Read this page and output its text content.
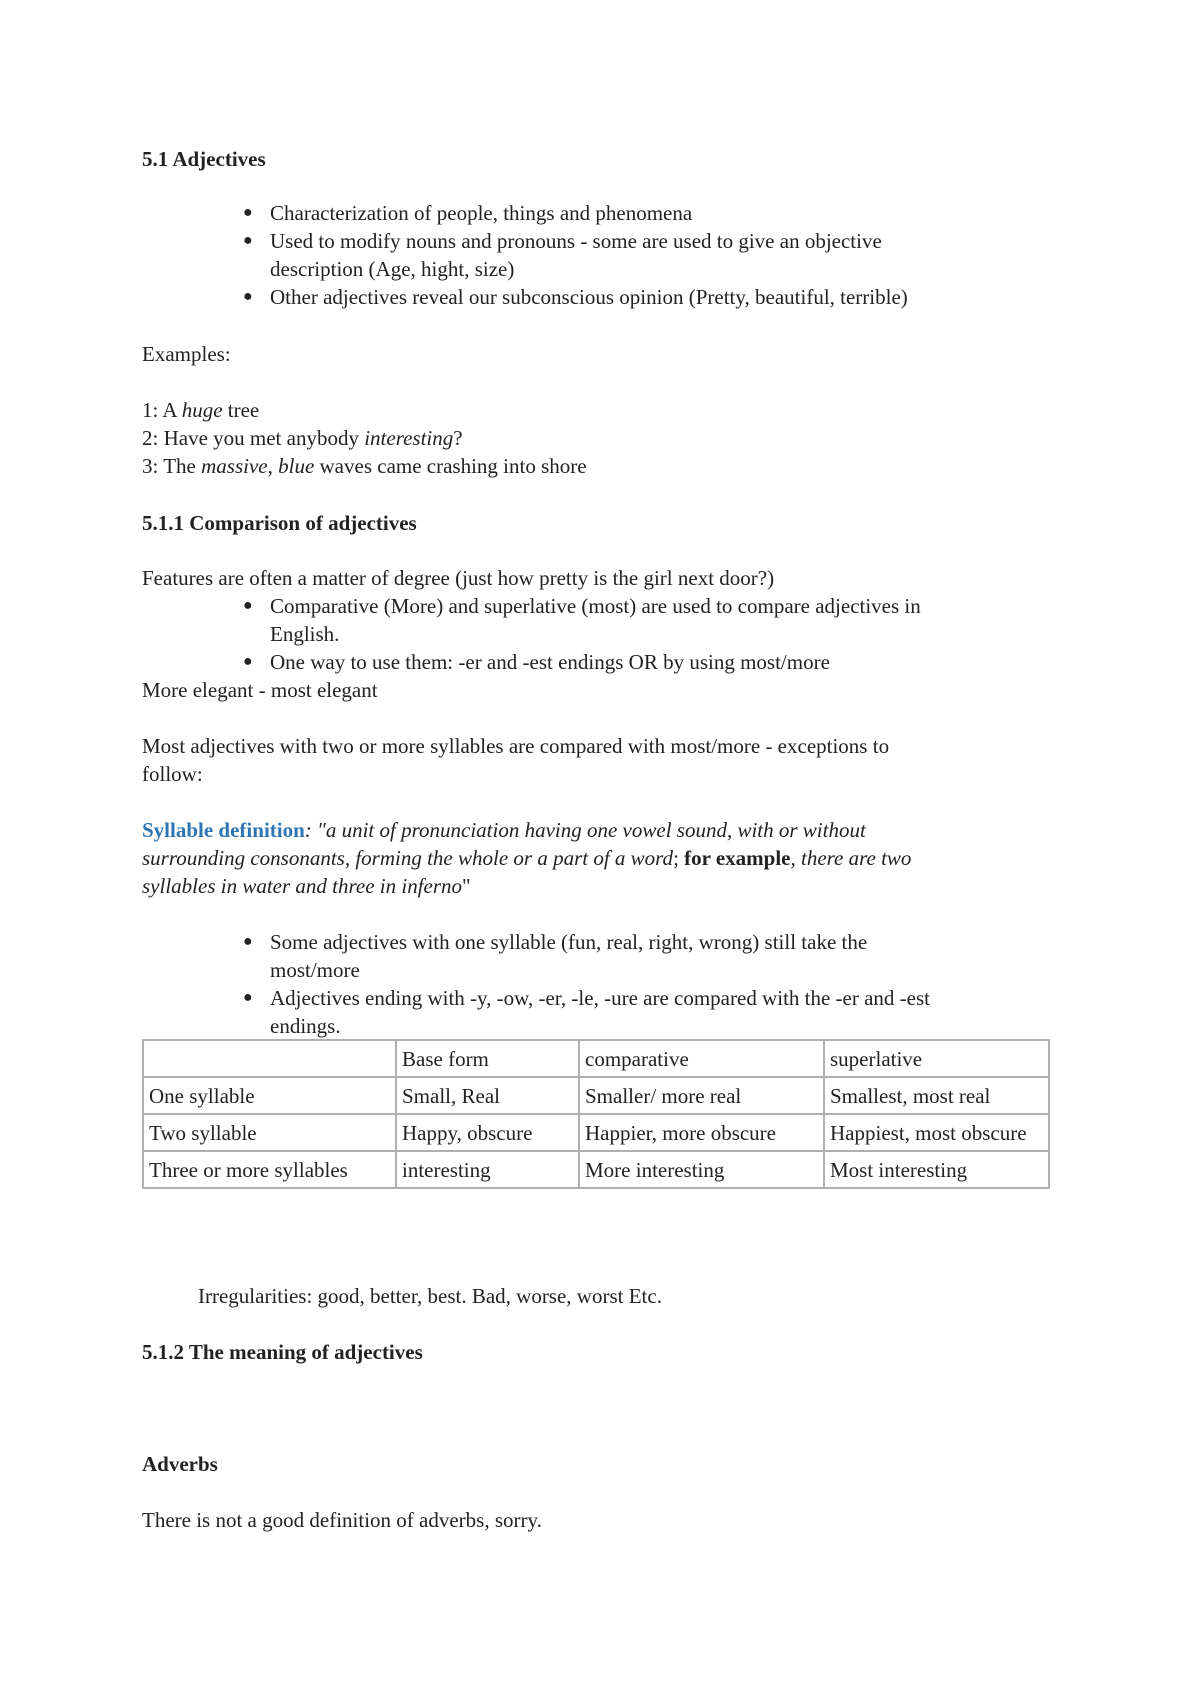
5.1 Adjectives
● Characterization of people, things and phenomena
● Used to modify nouns and pronouns - some are used to give an objective
description (Age, hight, size)
● Other adjectives reveal our subconscious opinion (Pretty, beautiful, terrible)
Examples:
1: A huge tree
2: Have you met anybody interesting?
3: The massive, blue waves came crashing into shore
5.1.1 Comparison of adjectives
Features are often a matter of degree (just how pretty is the girl next door?)
● Comparative (More) and superlative (most) are used to compare adjectives in
English.
● One way to use them: -er and -est endings OR by using most/more
More elegant - most elegant
Most adjectives with two or more syllables are compared with most/more - exceptions to
follow:
Syllable definition: "a unit of pronunciation having one vowel sound, with or without
surrounding consonants, forming the whole or a part of a word; for example, there are two
syllables in water and three in inferno"
● Some adjectives with one syllable (fun, real, right, wrong) still take the
most/more
● Adjectives ending with -y, -ow, -er, -le, -ure are compared with the -er and -est
endings.
	Base form	comparative	superlative
One syllable	Small, Real	Smaller/ more real	Smallest, most real
Two syllable	Happy, obscure	Happier, more obscure	Happiest, most obscure
Three or more syllables	interesting	More interesting	Most interesting
Irregularities: good, better, best. Bad, worse, worst Etc.
5.1.2 The meaning of adjectives
Adverbs
There is not a good definition of adverbs, sorry.
